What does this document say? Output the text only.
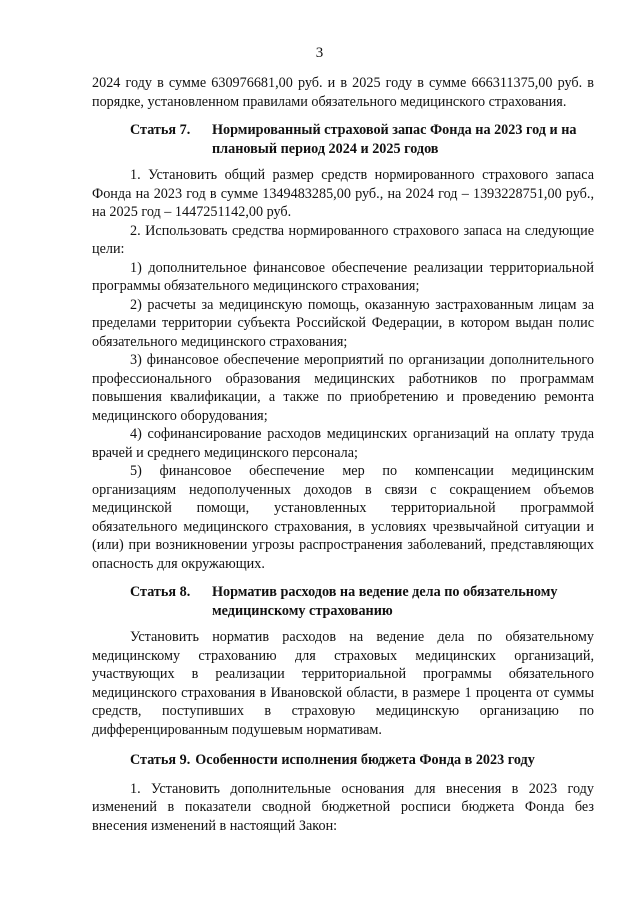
3

2024 году в сумме 630976681,00 руб. и в 2025 году в сумме 666311375,00 руб. в порядке, установленном правилами обязательного медицинского страхования.

Статья 7.	Нормированный страховой запас Фонда на 2023 год и на плановый период 2024 и 2025 годов

1. Установить общий размер средств нормированного страхового запаса Фонда на 2023 год в сумме 1349483285,00 руб., на 2024 год – 1393228751,00 руб., на 2025 год – 1447251142,00 руб.

2. Использовать средства нормированного страхового запаса на следующие цели:

1) дополнительное финансовое обеспечение реализации территориальной программы обязательного медицинского страхования;

2) расчеты за медицинскую помощь, оказанную застрахованным лицам за пределами территории субъекта Российской Федерации, в котором выдан полис обязательного медицинского страхования;

3) финансовое обеспечение мероприятий по организации дополнительного профессионального образования медицинских работников по программам повышения квалификации, а также по приобретению и проведению ремонта медицинского оборудования;

4) софинансирование расходов медицинских организаций на оплату труда врачей и среднего медицинского персонала;

5) финансовое обеспечение мер по компенсации медицинским организациям недополученных доходов в связи с сокращением объемов медицинской помощи, установленных территориальной программой обязательного медицинского страхования, в условиях чрезвычайной ситуации и (или) при возникновении угрозы распространения заболеваний, представляющих опасность для окружающих.

Статья 8.	Норматив расходов на ведение дела по обязательному медицинскому страхованию

Установить норматив расходов на ведение дела по обязательному медицинскому страхованию для страховых медицинских организаций, участвующих в реализации территориальной программы обязательного медицинского страхования в Ивановской области, в размере 1 процента от суммы средств, поступивших в страховую медицинскую организацию по дифференцированным подушевым нормативам.

Статья 9. Особенности исполнения бюджета Фонда в 2023 году

1. Установить дополнительные основания для внесения в 2023 году изменений в показатели сводной бюджетной росписи бюджета Фонда без внесения изменений в настоящий Закон:
